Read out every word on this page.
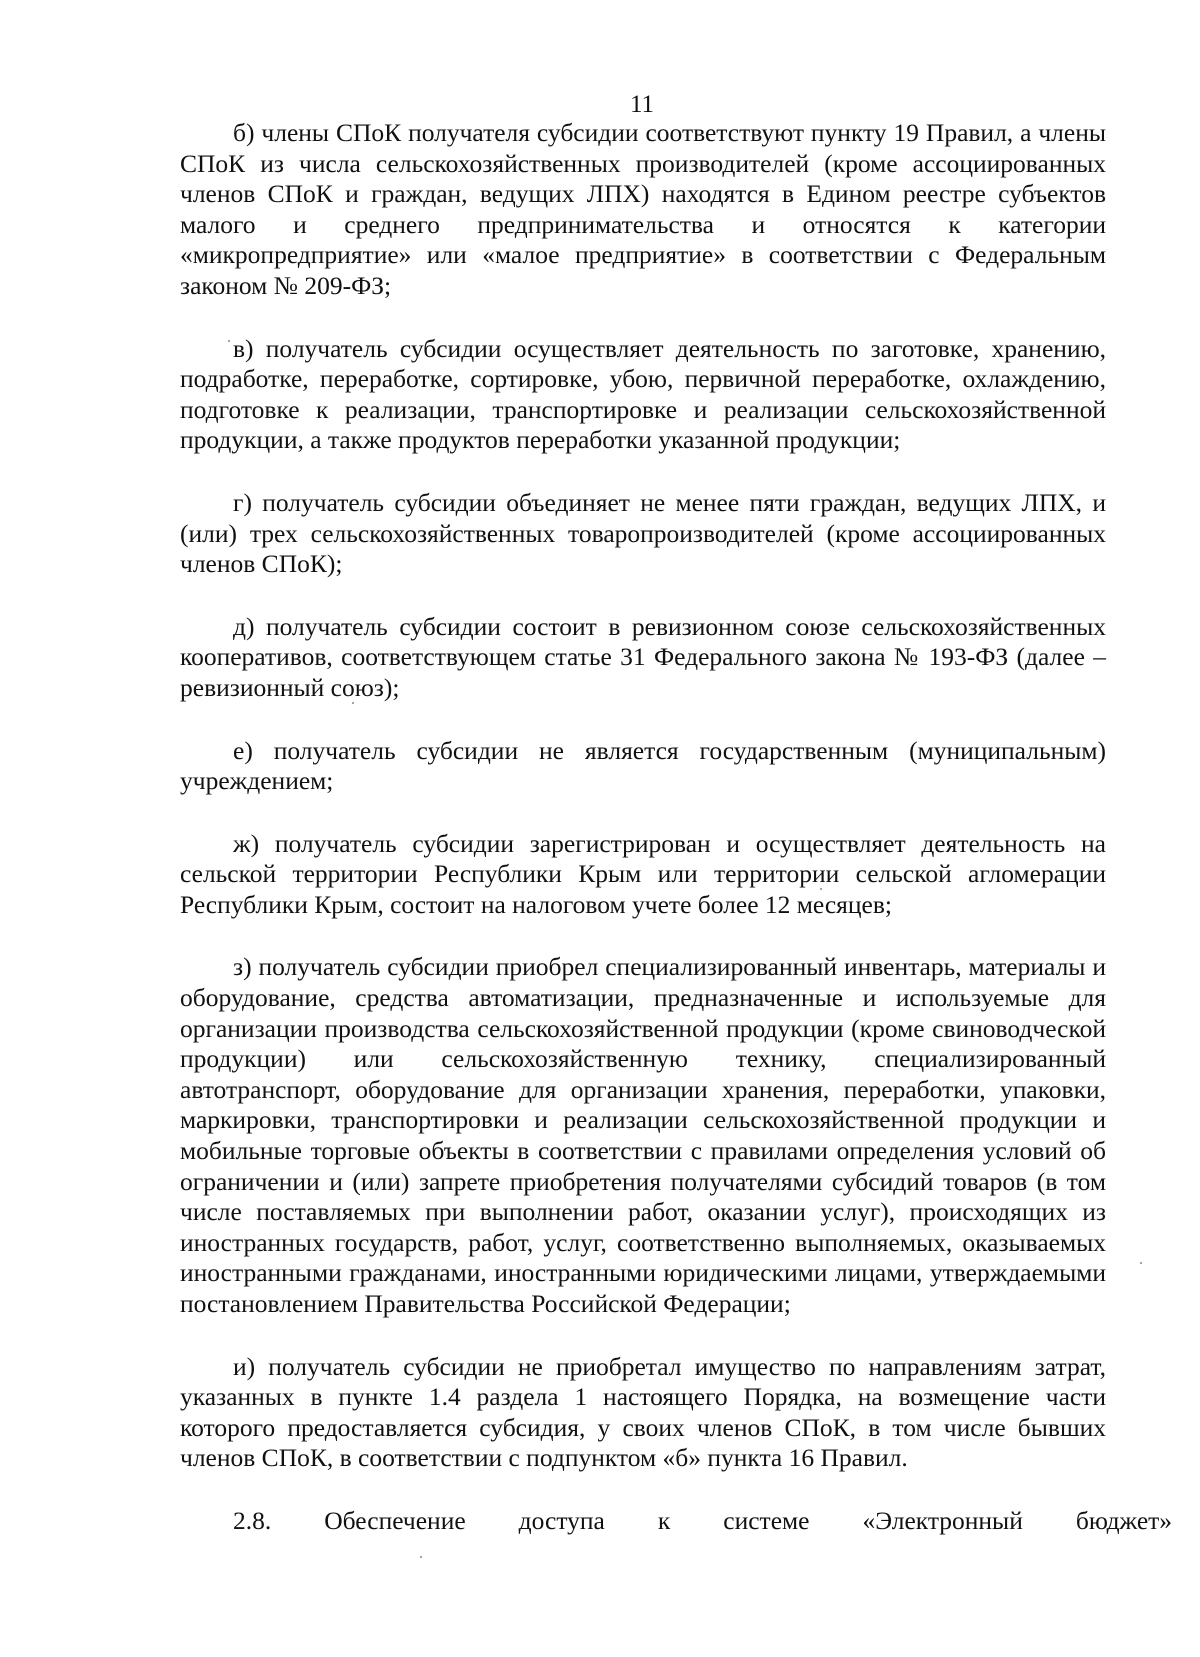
11

б) члены СПоК получателя субсидии соответствуют пункту 19 Правил, а члены СПоК из числа сельскохозяйственных производителей (кроме ассоциированных членов СПоК и граждан, ведущих ЛПХ) находятся в Едином реестре субъектов малого и среднего предпринимательства и относятся к категории «микропредприятие» или «малое предприятие» в соответствии с Федеральным законом № 209-ФЗ;

в) получатель субсидии осуществляет деятельность по заготовке, хранению, подработке, переработке, сортировке, убою, первичной переработке, охлаждению, подготовке к реализации, транспортировке и реализации сельскохозяйственной продукции, а также продуктов переработки указанной продукции;

г) получатель субсидии объединяет не менее пяти граждан, ведущих ЛПХ, и (или) трех сельскохозяйственных товаропроизводителей (кроме ассоциированных членов СПоК);

д) получатель субсидии состоит в ревизионном союзе сельскохозяйственных кооперативов, соответствующем статье 31 Федерального закона № 193-ФЗ (далее – ревизионный союз);

е) получатель субсидии не является государственным (муниципальным) учреждением;

ж) получатель субсидии зарегистрирован и осуществляет деятельность на сельской территории Республики Крым или территории сельской агломерации Республики Крым, состоит на налоговом учете более 12 месяцев;

з) получатель субсидии приобрел специализированный инвентарь, материалы и оборудование, средства автоматизации, предназначенные и используемые для организации производства сельскохозяйственной продукции (кроме свиноводческой продукции) или сельскохозяйственную технику, специализированный автотранспорт, оборудование для организации хранения, переработки, упаковки, маркировки, транспортировки и реализации сельскохозяйственной продукции и мобильные торговые объекты в соответствии с правилами определения условий об ограничении и (или) запрете приобретения получателями субсидий товаров (в том числе поставляемых при выполнении работ, оказании услуг), происходящих из иностранных государств, работ, услуг, соответственно выполняемых, оказываемых иностранными гражданами, иностранными юридическими лицами, утверждаемыми постановлением Правительства Российской Федерации;

и) получатель субсидии не приобретал имущество по направлениям затрат, указанных в пункте 1.4 раздела 1 настоящего Порядка, на возмещение части которого предоставляется субсидия, у своих членов СПоК, в том числе бывших членов СПоК, в соответствии с подпунктом «б» пункта 16 Правил.

2.8.	Обеспечение	доступа	к	системе	«Электронный	бюджет»
